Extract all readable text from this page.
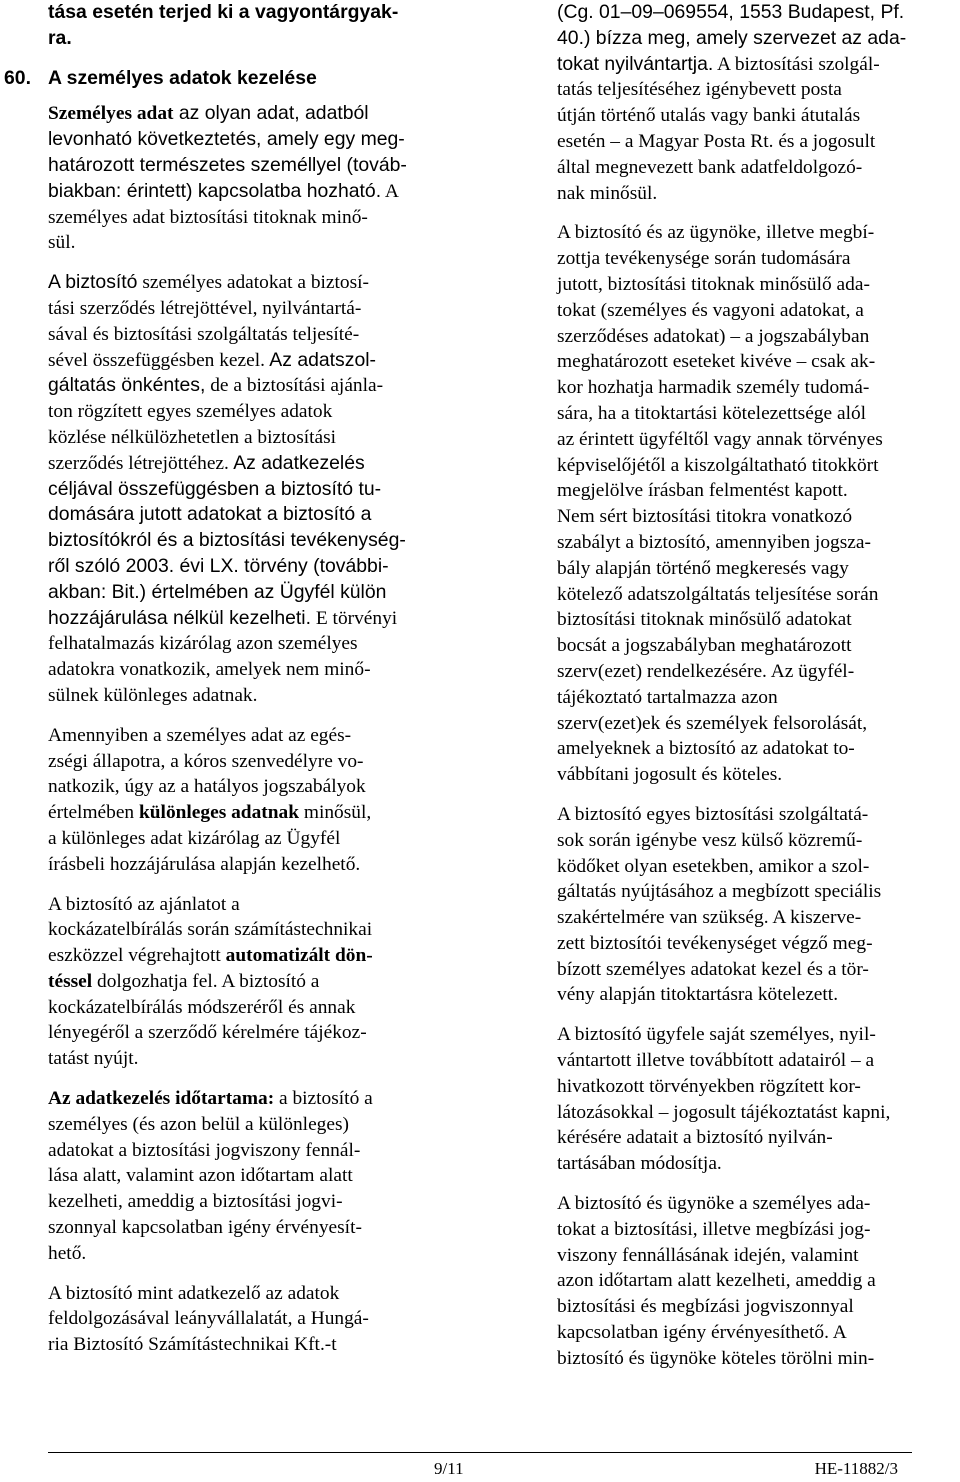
tása esetén terjed ki a vagyontárgyak-
ra.
60. A személyes adatok kezelése

Személyes adat az olyan adat, adatból
levonható következtetés, amely egy meg-
határozott természetes személlyel (továb-
biakban: érintett) kapcsolatba hozható. A
személyes adat biztosítási titoknak minő-
sül.

A biztosító személyes adatokat a biztosí-
tási szerződés létrejöttével, nyilvántartá-
sával és biztosítási szolgáltatás teljesíté-
sével összefüggésben kezel. Az adatszol-
gáltatás önkéntes, de a biztosítási ajánla-
ton rögzített egyes személyes adatok
közlése nélkülözhetetlen a biztosítási
szerződés létrejöttéhez. Az adatkezelés
céljával összefüggésben a biztosító tu-
domására jutott adatokat a biztosító a
biztosítókról és a biztosítási tevékenység-
ről szóló 2003. évi LX. törvény (további-
akban: Bit.) értelmében az Ügyfél külön
hozzájárulása nélkül kezelheti. E törvényi
felhatalmazás kizárólag azon személyes
adatokra vonatkozik, amelyek nem minő-
sülnek különleges adatnak.

Amennyiben a személyes adat az egés-
zségi állapotra, a kóros szenvedélyre vo-
natkozik, úgy az a hatályos jogszabályok
értelmében különleges adatnak minősül,
a különleges adat kizárólag az Ügyfél
írásbeli hozzájárulása alapján kezelhető.

A biztosító az ajánlatot a
kockázatelbírálás során számítástechnikai
eszközzel végrehajtott automatizált dön-
téssel dolgozhatja fel. A biztosító a
kockázatelbírálás módszeréről és annak
lényegéről a szerződő kérelmére tájékoz-
tatást nyújt.

Az adatkezelés időtartama: a biztosító a
személyes (és azon belül a különleges)
adatokat a biztosítási jogviszony fennál-
lása alatt, valamint azon időtartam alatt
kezelheti, ameddig a biztosítási jogvi-
szonnyal kapcsolatban igény érvényesít-
hető.

A biztosító mint adatkezelő az adatok
feldolgozásával leányvállalatát, a Hungá-
ria Biztosító Számítástechnikai Kft.-t

(Cg. 01–09–069554, 1553 Budapest, Pf.
40.) bízza meg, amely szervezet az ada-
tokat nyilvántartja. A biztosítási szolgál-
tatás teljesítéséhez igénybevett posta
útján történő utalás vagy banki átutalás
esetén – a Magyar Posta Rt. és a jogosult
által megnevezett bank adatfeldolgozó-
nak minősül.

A biztosító és az ügynöke, illetve megbí-
zottja tevékenysége során tudomására
jutott, biztosítási titoknak minősülő ada-
tokat (személyes és vagyoni adatokat, a
szerződéses adatokat) – a jogszabályban
meghatározott eseteket kivéve – csak ak-
kor hozhatja harmadik személy tudomá-
sára, ha a titoktartási kötelezettsége alól
az érintett ügyféltől vagy annak törvényes
képviselőjétől a kiszolgáltatható titokkört
megjelölve írásban felmentést kapott.
Nem sért biztosítási titokra vonatkozó
szabályt a biztosító, amennyiben jogsza-
bály alapján történő megkeresés vagy
kötelező adatszolgáltatás teljesítése során
biztosítási titoknak minősülő adatokat
bocsát a jogszabályban meghatározott
szerv(ezet) rendelkezésére. Az ügyfél-
tájékoztató tartalmazza azon
szerv(ezet)ek és személyek felsorolását,
amelyeknek a biztosító az adatokat to-
vábbítani jogosult és köteles.

A biztosító egyes biztosítási szolgáltatá-
sok során igénybe vesz külső közremű-
ködőket olyan esetekben, amikor a szol-
gáltatás nyújtásához a megbízott speciális
szakértelmére van szükség. A kiszerve-
zett biztosítói tevékenységet végző meg-
bízott személyes adatokat kezel és a tör-
vény alapján titoktartásra kötelezett.

A biztosító ügyfele saját személyes, nyil-
vántartott illetve továbbított adatairól – a
hivatkozott törvényekben rögzített kor-
látozásokkal – jogosult tájékoztatást kapni, kérésére adatait a biztosító nyilván-
tartásában módosítja.

A biztosító és ügynöke a személyes ada-
tokat a biztosítási, illetve megbízási jog-
viszony fennállásának idején, valamint
azon időtartam alatt kezelheti, ameddig a
biztosítási és megbízási jogviszonnyal
kapcsolatban igény érvényesíthető. A
biztosító és ügynöke köteles törölni min-

9/11	HE-11882/3
